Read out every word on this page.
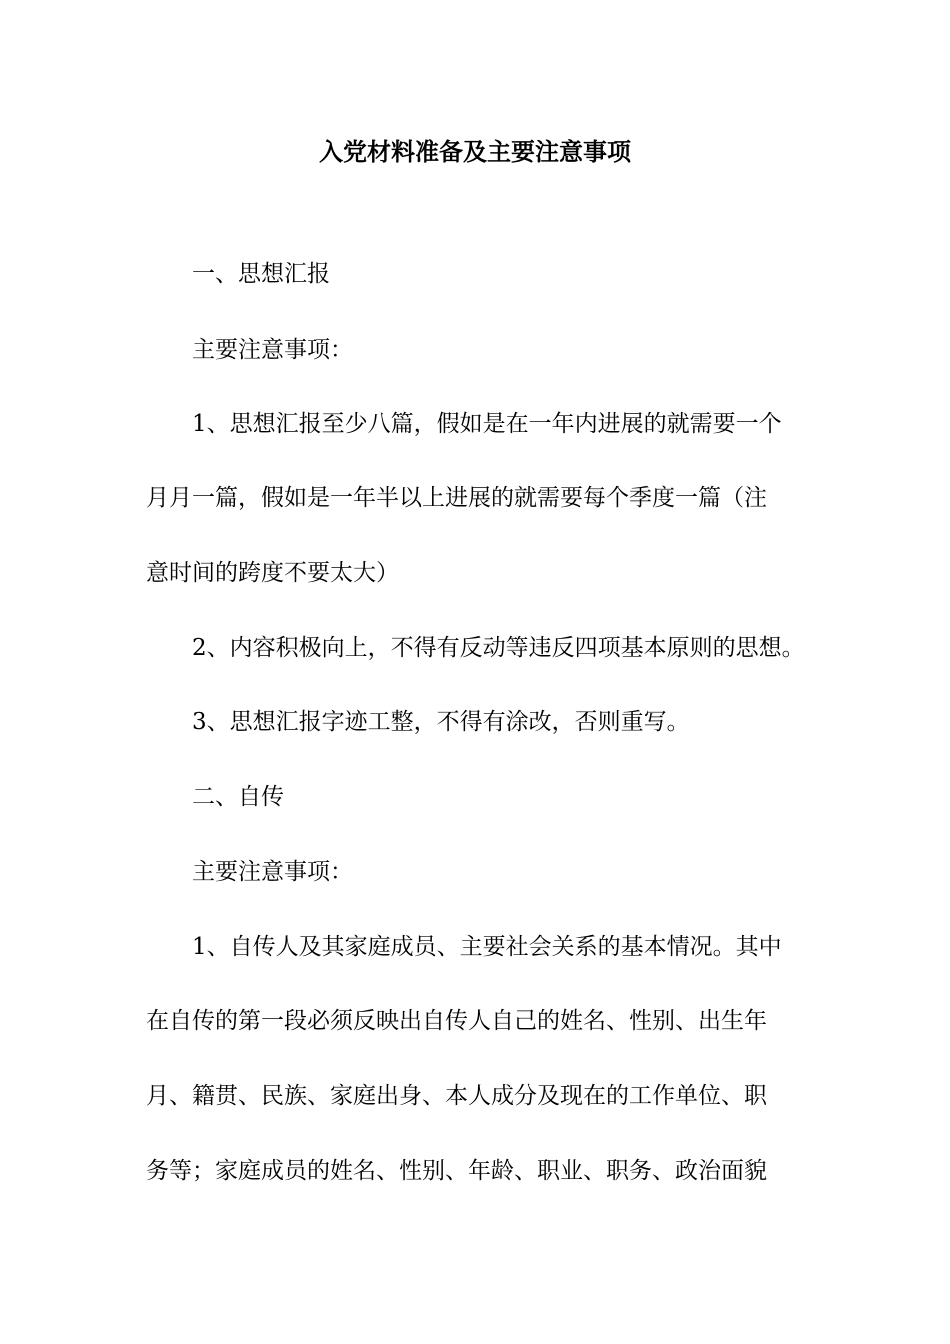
入党材料准备及主要注意事项
一、思想汇报
主要注意事项：
1、思想汇报至少八篇，假如是在一年内进展的就需要一个
月月一篇，假如是一年半以上进展的就需要每个季度一篇（注
意时间的跨度不要太大）
2、内容积极向上，不得有反动等违反四项基本原则的思想。
3、思想汇报字迹工整，不得有涂改，否则重写。
二、自传
主要注意事项：
1、自传人及其家庭成员、主要社会关系的基本情况。其中
在自传的第一段必须反映出自传人自己的姓名、性别、出生年
月、籍贯、民族、家庭出身、本人成分及现在的工作单位、职
务等；家庭成员的姓名、性别、年龄、职业、职务、政治面貌
